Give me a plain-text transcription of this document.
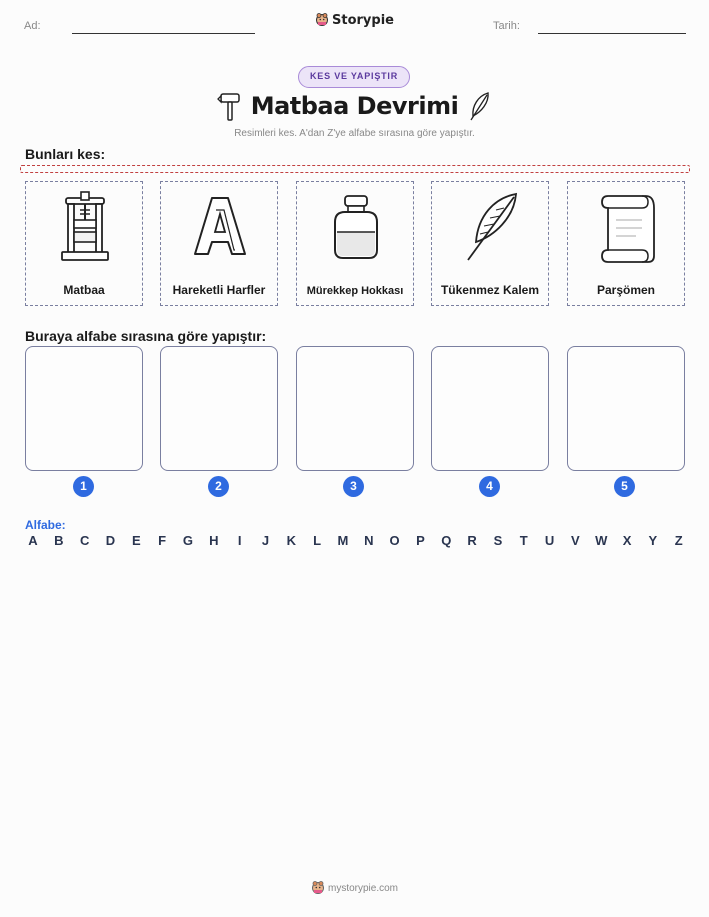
Ad:	Storypie	Tarih:
KES VE YAPIŞTIR
Matbaa Devrimi
Resimleri kes. A'dan Z'ye alfabe sırasına göre yapıştır.
Bunları kes:
Matbaa	Hareketli Harfler	Mürekkep Hokkası	Tükenmez Kalem	Parşömen
Buraya alfabe sırasına göre yapıştır:
1	2	3	4	5
Alfabe:
A B C D E F G H	I	J K L M N O P Q R S T U V W X Y Z
mystorypie.com
